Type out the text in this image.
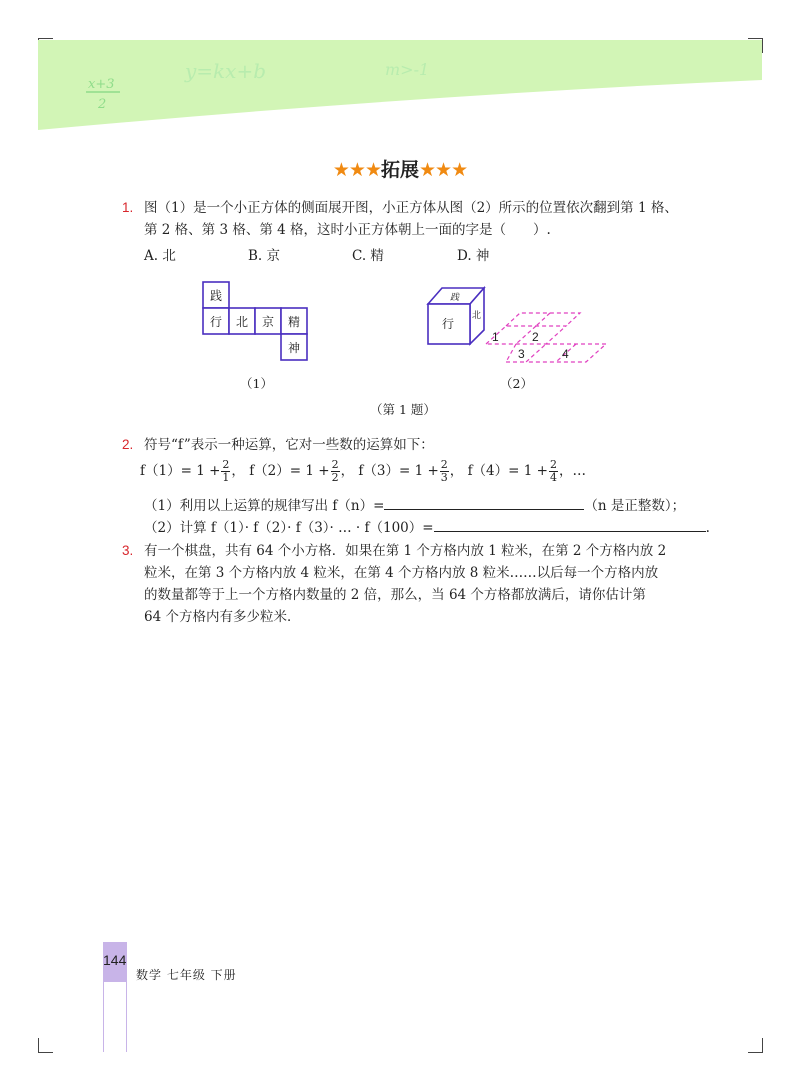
x+3
2
y=kx+b	m>-1
★★★拓展★★★
1. 图（1）是一个小正方体的侧面展开图，小正方体从图（2）所示的位置依次翻到第 1 格、
第 2 格、第 3 格、第 4 格，这时小正方体朝上一面的字是（　　）.
A. 北	B. 京	C. 精	D. 神
践
行 北 京 精
神
（1）
行
践
北
1	2
3	4
（2）
（第 1 题）
2. 符号“f”表示一种运算，它对一些数的运算如下：
$f(1)= 1 + \frac{2}{1}$ ， $f(2)= 1 + \frac{2}{2}$ ， $f(3)= 1 + \frac{2}{3}$ ， $f(4)= 1 + \frac{2}{4}$ ，…
（1）利用以上运算的规律写出 f（n）=	（n 是正整数）；
（2）计算 f（1）· f（2）· f（3）· … · f（100）=	.
3. 有一个棋盘，共有 64 个小方格．如果在第 1 个方格内放 1 粒米，在第 2 个方格内放 2
粒米，在第 3 个方格内放 4 粒米，在第 4 个方格内放 8 粒米……以后每一个方格内放
的数量都等于上一个方格内数量的 2 倍，那么，当 64 个方格都放满后，请你估计第
64 个方格内有多少粒米．
144
数学 七年级 下册
